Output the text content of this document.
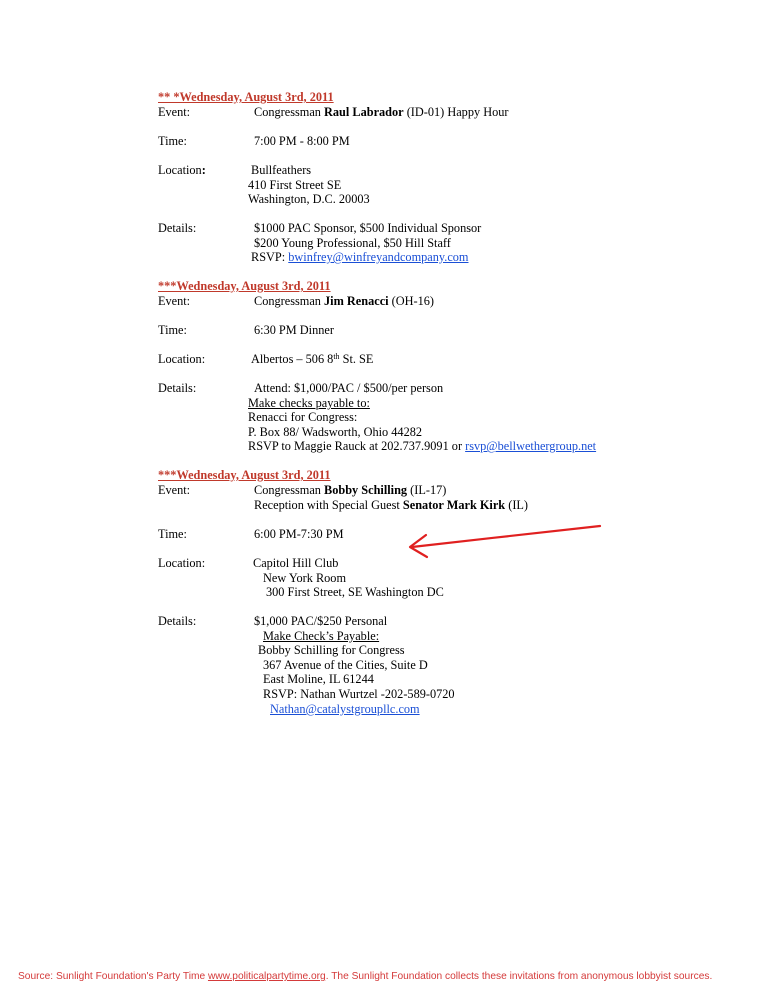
** *Wednesday, August 3rd, 2011
Event:	Congressman Raul Labrador (ID-01) Happy Hour
Time:	7:00 PM - 8:00 PM
Location:	Bullfeathers
410 First Street SE
Washington, D.C. 20003
Details:	$1000 PAC Sponsor, $500 Individual Sponsor
$200 Young Professional, $50 Hill Staff
RSVP: bwinfrey@winfreyandcompany.com
***Wednesday, August 3rd, 2011
Event:	Congressman Jim Renacci (OH-16)
Time:	6:30 PM Dinner
Location:	Albertos – 506 8th St. SE
Details:	Attend: $1,000/PAC / $500/per person
Make checks payable to:
Renacci for Congress:
P. Box 88/ Wadsworth, Ohio 44282
RSVP to Maggie Rauck at 202.737.9091 or rsvp@bellwethergroup.net
***Wednesday, August 3rd, 2011
Event:	Congressman Bobby Schilling (IL-17)
Reception with Special Guest Senator Mark Kirk (IL)
Time:	6:00 PM-7:30 PM
Location:	Capitol Hill Club
New York Room
300 First Street, SE Washington DC
Details:	$1,000 PAC/$250 Personal
Make Check’s Payable:
Bobby Schilling for Congress
367 Avenue of the Cities, Suite D
East Moline, IL 61244
RSVP: Nathan Wurtzel -202-589-0720
Nathan@catalystgroupllc.com
Source: Sunlight Foundation's Party Time www.politicalpartytime.org. The Sunlight Foundation collects these invitations from anonymous lobbyist sources.
